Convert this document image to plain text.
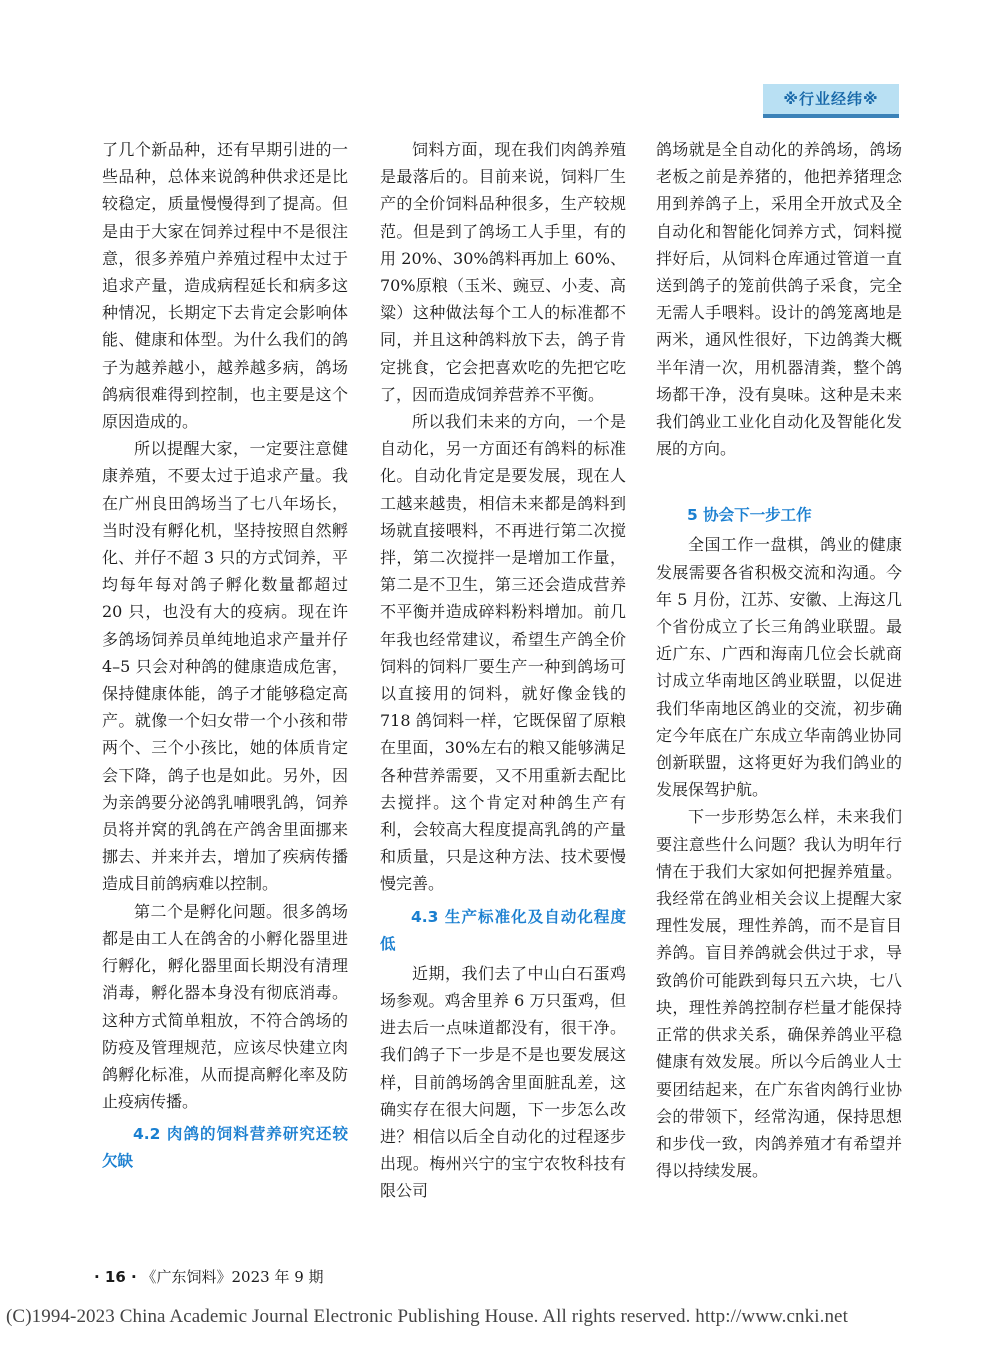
※行业经纬※

了几个新品种，还有早期引进的一些品种，总体来说鸽种供求还是比较稳定，质量慢慢得到了提高。但是由于大家在饲养过程中不是很注意，很多养殖户养殖过程中太过于追求产量，造成病程延长和病多这种情况，长期定下去肯定会影响体能、健康和体型。为什么我们的鸽子为越养越小，越养越多病，鸽场鸽病很难得到控制，也主要是这个原因造成的。

所以提醒大家，一定要注意健康养殖，不要太过于追求产量。我在广州良田鸽场当了七八年场长，当时没有孵化机，坚持按照自然孵化、并仔不超 3 只的方式饲养，平均每年每对鸽子孵化数量都超过 20 只，也没有大的疫病。现在许多鸽场饲养员单纯地追求产量并仔 4–5 只会对种鸽的健康造成危害，保持健康体能，鸽子才能够稳定高产。就像一个妇女带一个小孩和带两个、三个小孩比，她的体质肯定会下降，鸽子也是如此。另外，因为亲鸽要分泌鸽乳哺喂乳鸽，饲养员将并窝的乳鸽在产鸽舍里面挪来挪去、并来并去，增加了疾病传播造成目前鸽病难以控制。

第二个是孵化问题。很多鸽场都是由工人在鸽舍的小孵化器里进行孵化，孵化器里面长期没有清理消毒，孵化器本身没有彻底消毒。这种方式简单粗放，不符合鸽场的防疫及管理规范，应该尽快建立肉鸽孵化标准，从而提高孵化率及防止疫病传播。

4.2 肉鸽的饲料营养研究还较欠缺

饲料方面，现在我们肉鸽养殖是最落后的。目前来说，饲料厂生产的全价饲料品种很多，生产较规范。但是到了鸽场工人手里，有的用 20%、30%鸽料再加上 60%、70%原粮（玉米、豌豆、小麦、高粱）这种做法每个工人的标准都不同，并且这种鸽料放下去，鸽子肯定挑食，它会把喜欢吃的先把它吃了，因而造成饲养营养不平衡。

所以我们未来的方向，一个是自动化，另一方面还有鸽料的标准化。自动化肯定是要发展，现在人工越来越贵，相信未来都是鸽料到场就直接喂料，不再进行第二次搅拌，第二次搅拌一是增加工作量，第二是不卫生，第三还会造成营养不平衡并造成碎料粉料增加。前几年我也经常建议，希望生产鸽全价饲料的饲料厂要生产一种到鸽场可以直接用的饲料，就好像金钱的 718 鸽饲料一样，它既保留了原粮在里面，30%左右的粮又能够满足各种营养需要，又不用重新去配比去搅拌。这个肯定对种鸽生产有利，会较高大程度提高乳鸽的产量和质量，只是这种方法、技术要慢慢完善。

4.3 生产标准化及自动化程度低

近期，我们去了中山白石蛋鸡场参观。鸡舍里养 6 万只蛋鸡，但进去后一点味道都没有，很干净。我们鸽子下一步是不是也要发展这样，目前鸽场鸽舍里面脏乱差，这确实存在很大问题，下一步怎么改进？相信以后全自动化的过程逐步出现。梅州兴宁的宝宁农牧科技有限公司

鸽场就是全自动化的养鸽场，鸽场老板之前是养猪的，他把养猪理念用到养鸽子上，采用全开放式及全自动化和智能化饲养方式，饲料搅拌好后，从饲料仓库通过管道一直送到鸽子的笼前供鸽子采食，完全无需人手喂料。设计的鸽笼离地是两米，通风性很好，下边鸽粪大概半年清一次，用机器清粪，整个鸽场都干净，没有臭味。这种是未来我们鸽业工业化自动化及智能化发展的方向。

5 协会下一步工作

全国工作一盘棋，鸽业的健康发展需要各省积极交流和沟通。今年 5 月份，江苏、安徽、上海这几个省份成立了长三角鸽业联盟。最近广东、广西和海南几位会长就商讨成立华南地区鸽业联盟，以促进我们华南地区鸽业的交流，初步确定今年底在广东成立华南鸽业协同创新联盟，这将更好为我们鸽业的发展保驾护航。

下一步形势怎么样，未来我们要注意些什么问题？我认为明年行情在于我们大家如何把握养殖量。我经常在鸽业相关会议上提醒大家理性发展，理性养鸽，而不是盲目养鸽。盲目养鸽就会供过于求，导致鸽价可能跌到每只五六块，七八块，理性养鸽控制存栏量才能保持正常的供求关系，确保养鸽业平稳健康有效发展。所以今后鸽业人士要团结起来，在广东省肉鸽行业协会的带领下，经常沟通，保持思想和步伐一致，肉鸽养殖才有希望并得以持续发展。

· 16 · 《广东饲料》2023 年 9 期
(C)1994-2023 China Academic Journal Electronic Publishing House. All rights reserved. http://www.cnki.net
